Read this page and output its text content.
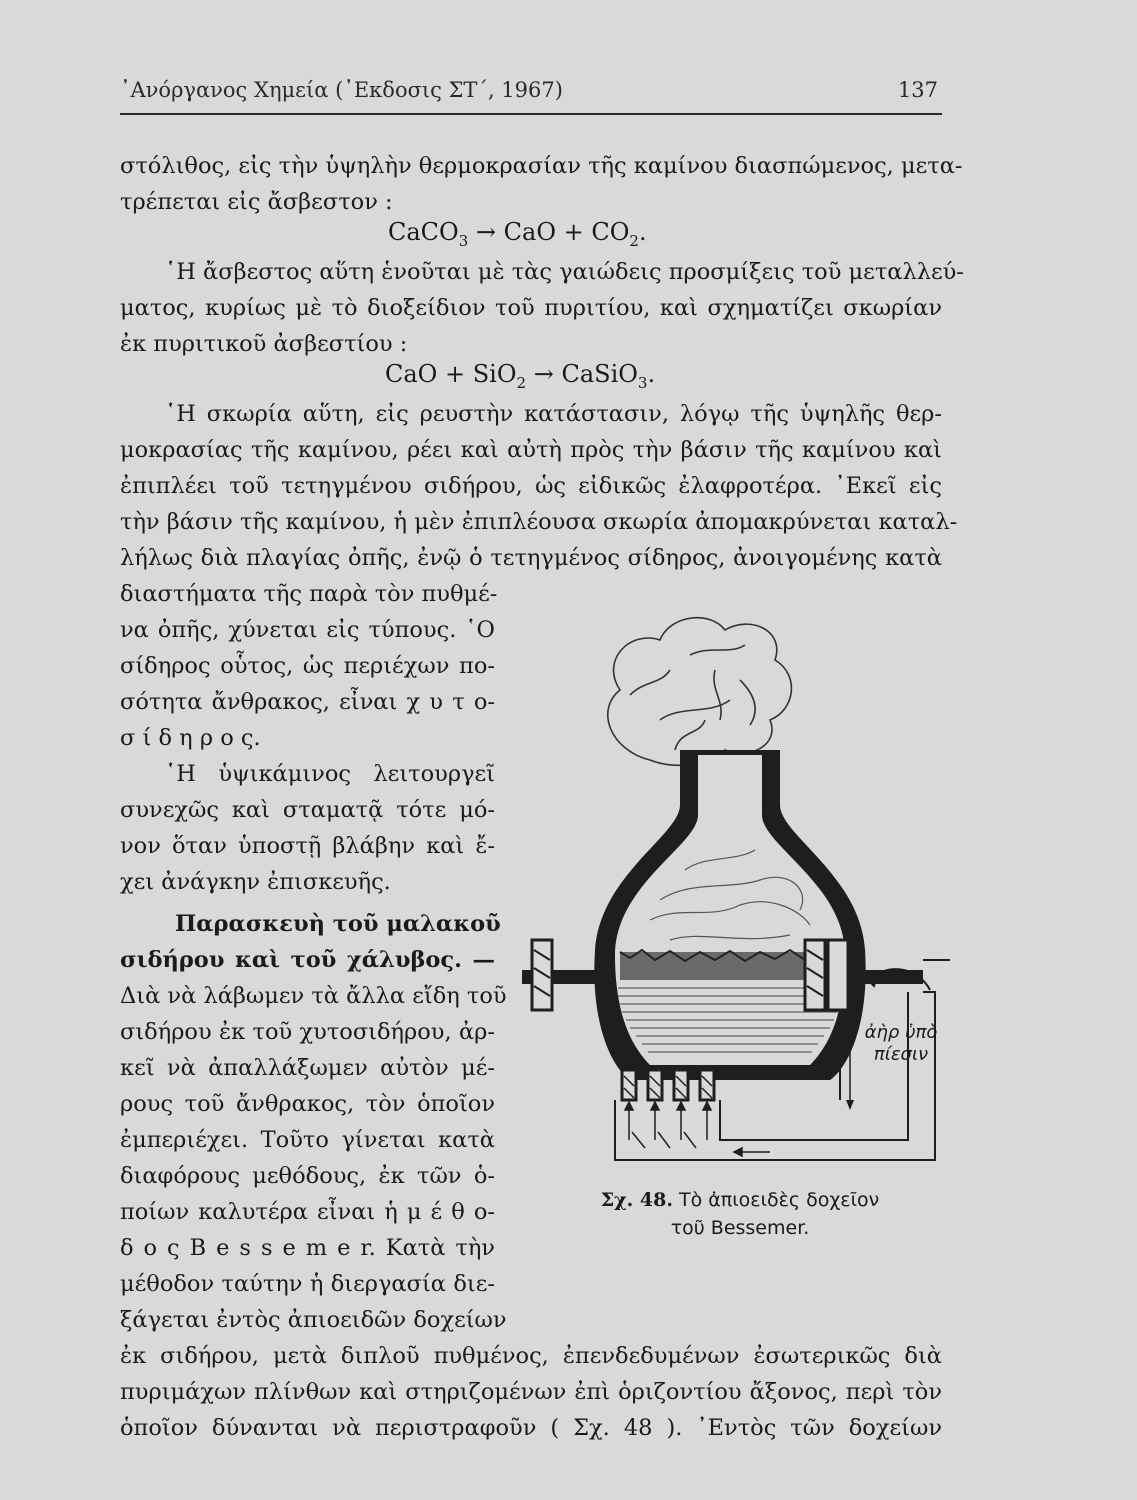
᾿Ανόργανος Χημεία (᾿Εκδοσις ΣΤ΄, 1967)	137
στόλιθος, εἰς τὴν ὑψηλὴν θερμοκρασίαν τῆς καμίνου διασπώμενος, μετα-
τρέπεται εἰς ἄσβεστον :
CaCO$_3$ → CaO + $CO_2$.
῾Η ἄσβεστος αὕτη ἑνοῦται μὲ τὰς γαιώδεις προσμίξεις τοῦ μεταλλεύ-
ματος, κυρίως μὲ τὸ διοξείδιον τοῦ πυριτίου, καὶ σχηματίζει σκωρίαν
ἐκ πυριτικοῦ ἀσβεστίου :
CaO + SiO$_2$ → CaSiO$_3$.
῾Η σκωρία αὕτη, εἰς ρευστὴν κατάστασιν, λόγῳ τῆς ὑψηλῆς θερ-
μοκρασίας τῆς καμίνου, ρέει καὶ αὐτὴ πρὸς τὴν βάσιν τῆς καμίνου καὶ
ἐπιπλέει τοῦ τετηγμένου σιδήρου, ὡς εἰδικῶς ἐλαφροτέρα. ᾿Εκεῖ εἰς
τὴν βάσιν τῆς καμίνου, ἡ μὲν ἐπιπλέουσα σκωρία ἀπομακρύνεται καταλ-
λήλως διὰ πλαγίας ὀπῆς, ἐνῷ ὁ τετηγμένος σίδηρος, ἀνοιγομένης κατὰ
διαστήματα τῆς παρὰ τὸν πυθμέ-
να ὀπῆς, χύνεται εἰς τύπους. ῾Ο
σίδηρος οὗτος, ὡς περιέχων πο-
σότητα ἄνθρακος, εἶναι χ υ τ ο-
σ ί δ η ρ ο ς.
῾Η ὑψικάμινος λειτουργεῖ
συνεχῶς καὶ σταματᾷ τότε μό-
νον ὅταν ὑποστῇ βλάβην καὶ ἔ-
χει ἀνάγκην ἐπισκευῆς.
Παρασκευὴ τοῦ μαλακοῦ
σιδήρου καὶ τοῦ χάλυβος. —
Διὰ νὰ λάβωμεν τὰ ἄλλα εἴδη τοῦ
σιδήρου ἐκ τοῦ χυτοσιδήρου, ἀρ-
κεῖ νὰ ἀπαλλάξωμεν αὐτὸν μέ-
ρους τοῦ ἄνθρακος, τὸν ὁποῖον
ἐμπεριέχει. Τοῦτο γίνεται κατὰ
διαφόρους μεθόδους, ἐκ τῶν ὁ-
ποίων καλυτέρα εἶναι ἡ μ έ θ ο-
δ ο ς B e s s e m e r. Κατὰ τὴν
μέθοδον ταύτην ἡ διεργασία διε-
ξάγεται ἐντὸς ἀπιοειδῶν δοχείων
ἐκ σιδήρου, μετὰ διπλοῦ πυθμένος, ἐπενδεδυμένων ἐσωτερικῶς διὰ
πυριμάχων πλίνθων καὶ στηριζομένων ἐπὶ ὁριζοντίου ἄξονος, περὶ τὸν
ὁποῖον δύνανται νὰ περιστραφοῦν ( Σχ. 48 ). ᾿Εντὸς τῶν δοχείων
ἀὴρ ὑπὸ
πίεσιν
Σχ. 48. Τὸ ἀπιοειδὲς δοχεῖον
τοῦ Bessemer.
